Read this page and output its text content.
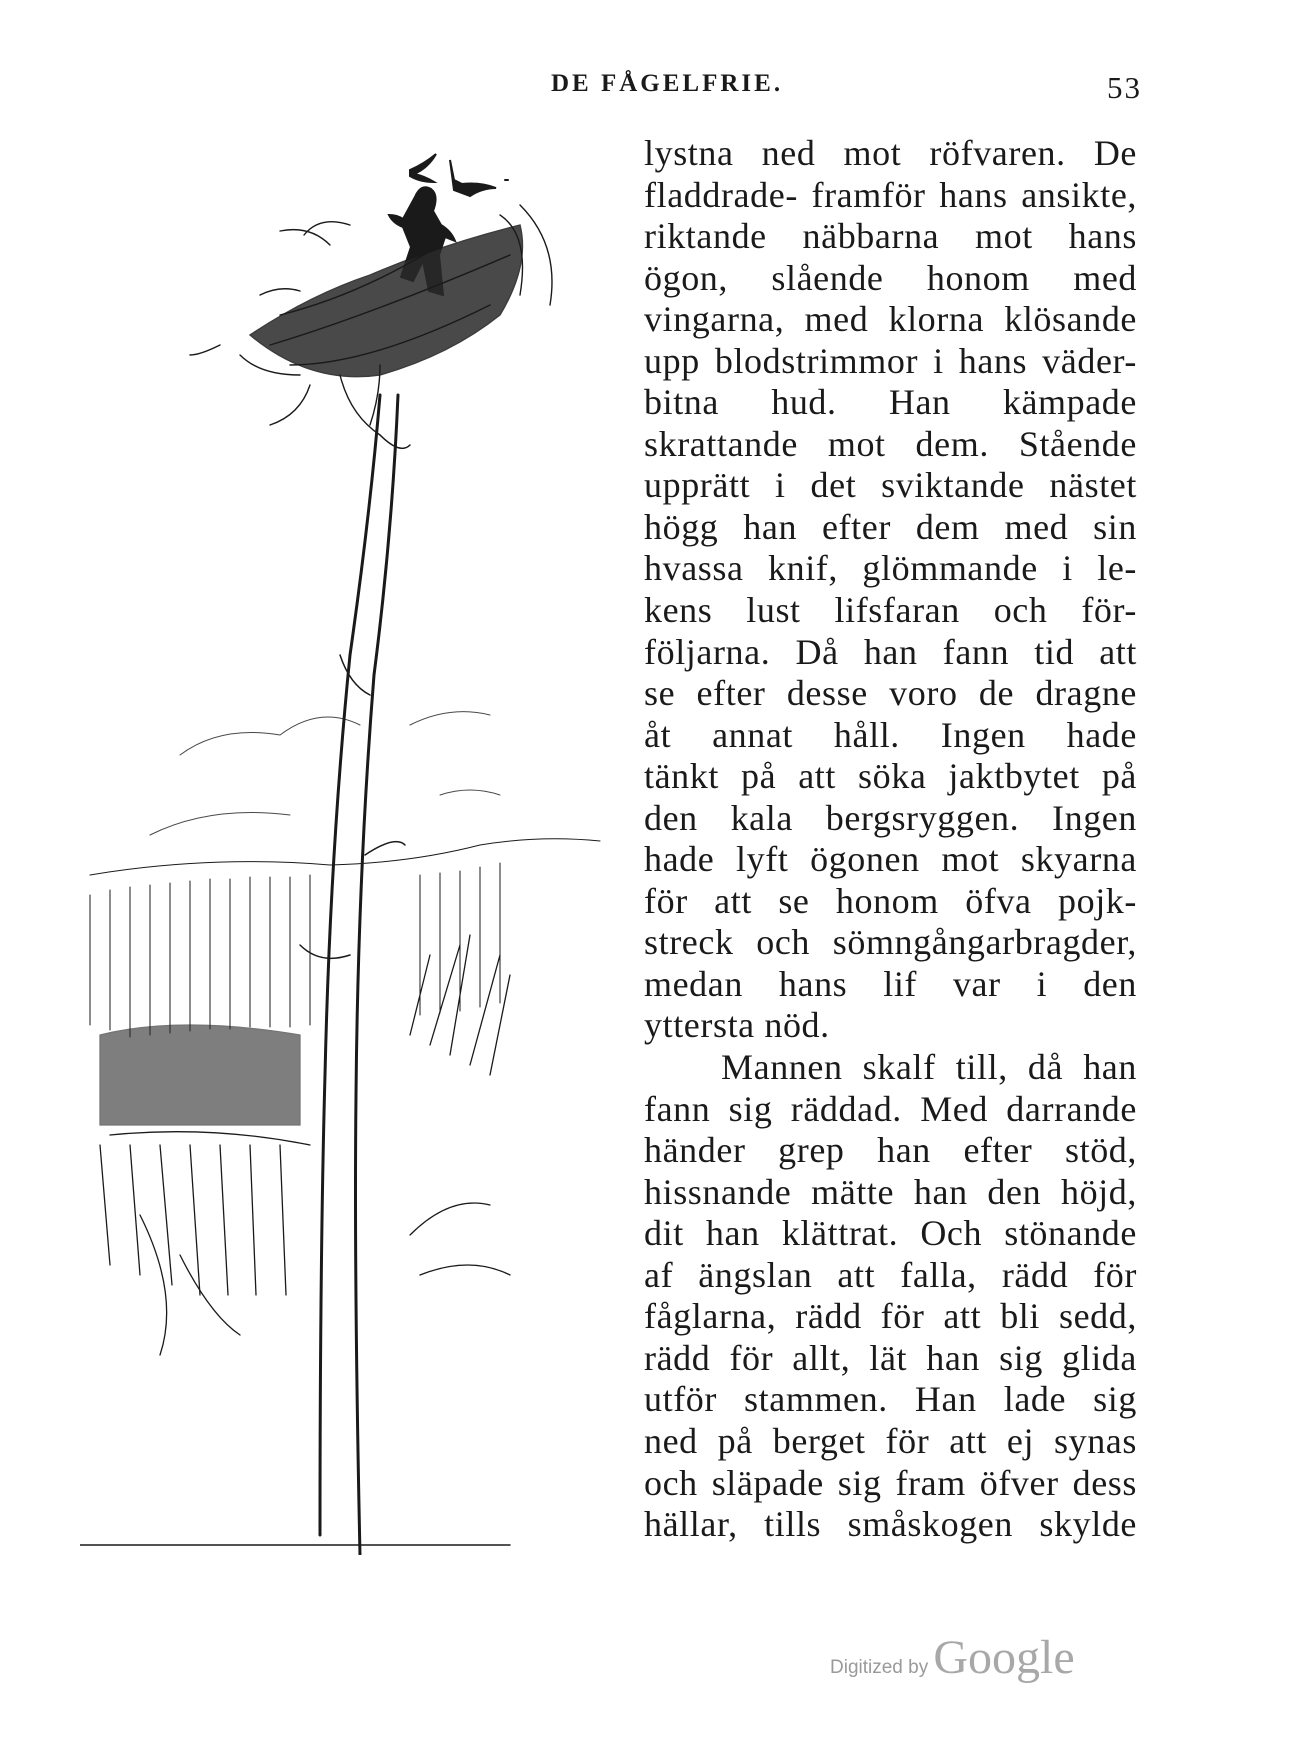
DE FÅGELFRIE.	53
lystna ned mot röfvaren. De
fladdrade- framför hans ansikte,
riktande näbbarna mot hans
ögon, slående honom med
vingarna, med klorna klösande
upp blodstrimmor i hans väder-
bitna hud. Han kämpade
skrattande mot dem. Stående
upprätt i det sviktande nästet
högg han efter dem med sin
hvassa knif, glömmande i le-
kens lust lifsfaran och för-
följarna. Då han fann tid att
se efter desse voro de dragne
åt annat håll. Ingen hade
tänkt på att söka jaktbytet på
den kala bergsryggen. Ingen
hade lyft ögonen mot skyarna
för att se honom öfva pojk-
streck och sömngångarbragder,
medan hans lif var i den
yttersta nöd.
Mannen skalf till, då han
fann sig räddad. Med darrande
händer grep han efter stöd,
hissnande mätte han den höjd,
dit han klättrat. Och stönande
af ängslan att falla, rädd för
fåglarna, rädd för att bli sedd,
rädd för allt, lät han sig glida
utför stammen. Han lade sig
ned på berget för att ej synas
och släpade sig fram öfver dess
hällar, tills småskogen skylde
Digitized by Google
